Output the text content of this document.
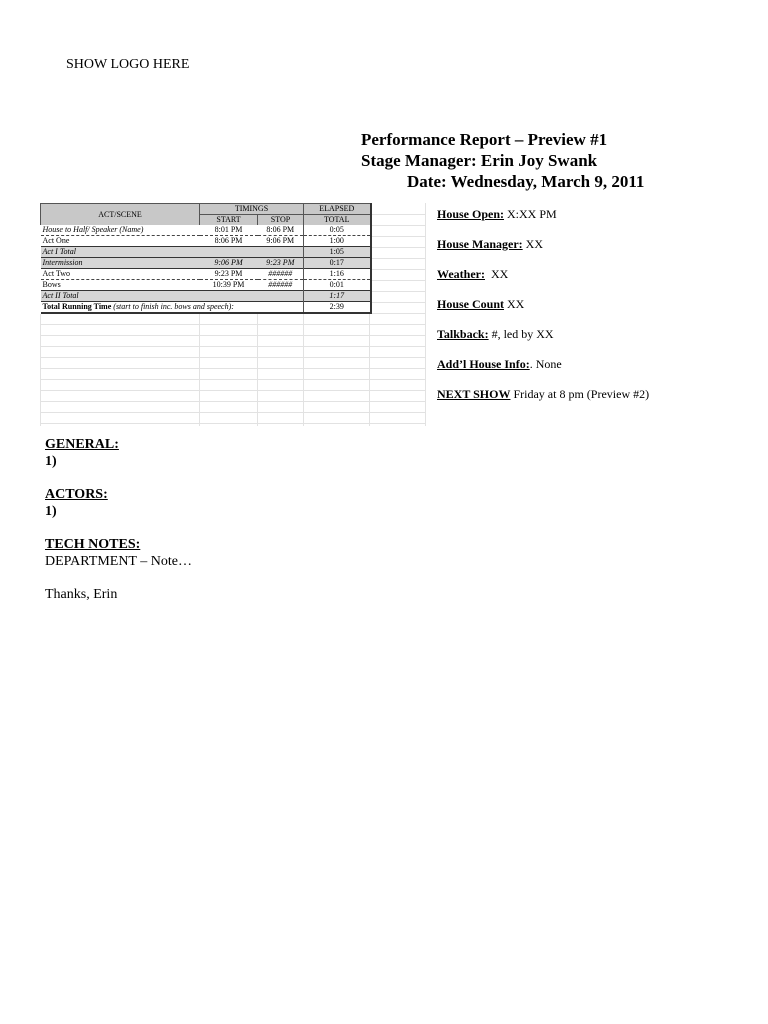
SHOW LOGO HERE
Performance Report – Preview #1
Stage Manager: Erin Joy Swank
Date: Wednesday, March 9, 2011
ACT/SCENE	TIMINGS		ELAPSED
	START	STOP	TOTAL
House to Half/ Speaker (Name)	8:01 PM	8:06 PM	0:05
Act One	8:06 PM	9:06 PM	1:00
Act I Total			1:05
Intermission	9:06 PM	9:23 PM	0:17
Act Two	9:23 PM	######	1:16
Bows	10:39 PM	######	0:01
Act II Total			1:17
Total Running Time (start to finish inc. bows and speech):			2:39
House Open: X:XX PM
House Manager: XX
Weather:  XX
House Count XX
Talkback: #, led by XX
Add’l House Info:. None
NEXT SHOW Friday at 8 pm (Preview #2)
GENERAL:
1)
ACTORS:
1)
TECH NOTES:
DEPARTMENT – Note…
Thanks, Erin
